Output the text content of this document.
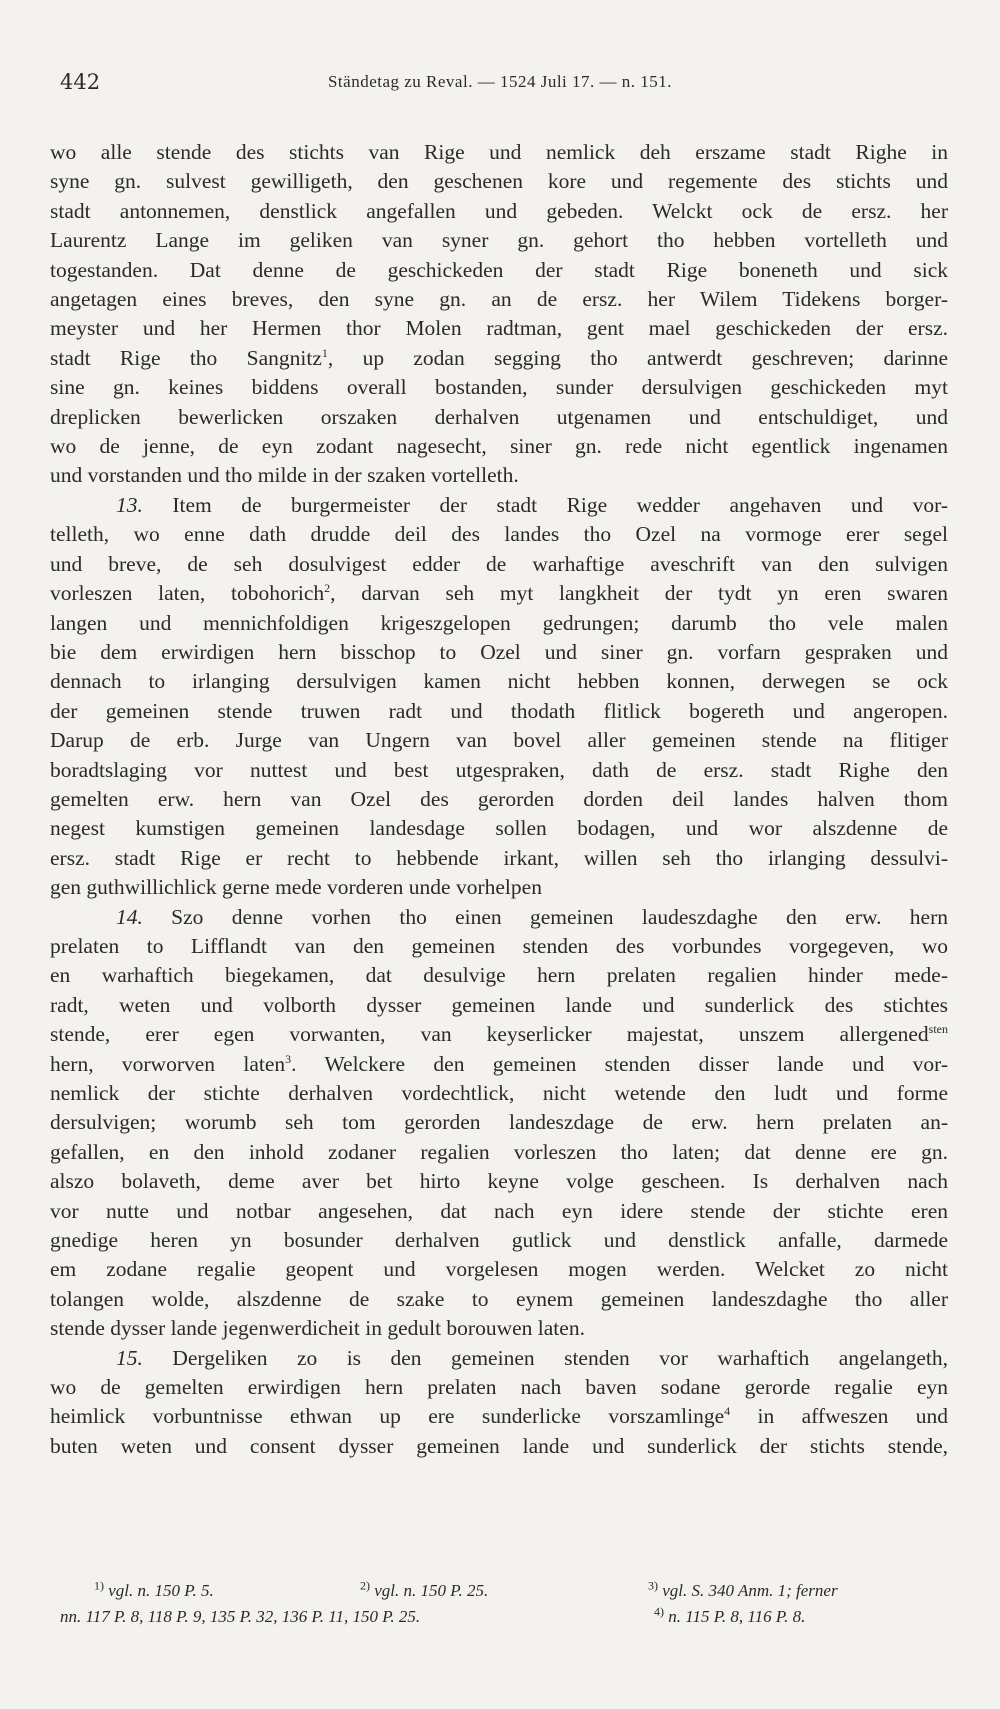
442	Ständetag zu Reval. — 1524 Juli 17. — n. 151.
wo alle stende des stichts van Rige und nemlick deh erszame stadt Righe in
syne gn. sulvest gewilligeth, den geschenen kore und regemente des stichts und
stadt antonnemen, denstlick angefallen und gebeden. Welckt ock de ersz. her
Laurentz Lange im geliken van syner gn. gehort tho hebben vortelleth und
togestanden. Dat denne de geschickeden der stadt Rige boneneth und sick
angetagen eines breves, den syne gn. an de ersz. her Wilem Tidekens borger-
meyster und her Hermen thor Molen radtman, gent mael geschickeden der ersz.
stadt Rige tho Sangnitz$^1$, up zodan segging tho antwerdt geschreven; darinne
sine gn. keines biddens overall bostanden, sunder dersulvigen geschickeden myt
dreplicken bewerlicken orszaken derhalven utgenamen und entschuldiget, und
wo de jenne, de eyn zodant nagesecht, siner gn. rede nicht egentlick ingenamen
und vorstanden und tho milde in der szaken vortelleth.
13. Item de burgermeister der stadt Rige wedder angehaven und vor-
telleth, wo enne dath drudde deil des landes tho Ozel na vormoge erer segel
und breve, de seh dosulvigest edder de warhaftige aveschrift van den sulvigen
vorleszen laten, tobohorich$^2$, darvan seh myt langkheit der tydt yn eren swaren
langen und mennichfoldigen krigeszgelopen gedrungen; darumb tho vele malen
bie dem erwirdigen hern bisschop to Ozel und siner gn. vorfarn gespraken und
dennach to irlanging dersulvigen kamen nicht hebben konnen, derwegen se ock
der gemeinen stende truwen radt und thodath flitlick bogereth und angeropen.
Darup de erb. Jurge van Ungern van bovel aller gemeinen stende na flitiger
boradtslaging vor nuttest und best utgespraken, dath de ersz. stadt Righe den
gemelten erw. hern van Ozel des gerorden dorden deil landes halven thom
negest kumstigen gemeinen landesdage sollen bodagen, und wor alszdenne de
ersz. stadt Rige er recht to hebbende irkant, willen seh tho irlanging dessulvi-
gen guthwillichlick gerne mede vorderen unde vorhelpen
14. Szo denne vorhen tho einen gemeinen laudeszdaghe den erw. hern
prelaten to Lifflandt van den gemeinen stenden des vorbundes vorgegeven, wo
en warhaftich biegekamen, dat desulvige hern prelaten regalien hinder mede-
radt, weten und volborth dysser gemeinen lande und sunderlick des stichtes
stende, erer egen vorwanten, van keyserlicker majestat, unszem allergened$^{sten}$
hern, vorworven laten$^3$. Welckere den gemeinen stenden disser lande und vor-
nemlick der stichte derhalven vordechtlick, nicht wetende den ludt und forme
dersulvigen; worumb seh tom gerorden landeszdage de erw. hern prelaten an-
gefallen, en den inhold zodaner regalien vorleszen tho laten; dat denne ere gn.
alszo bolaveth, deme aver bet hirto keyne volge gescheen. Is derhalven nach
vor nutte und notbar angesehen, dat nach eyn idere stende der stichte eren
gnedige heren yn bosunder derhalven gutlick und denstlick anfalle, darmede
em zodane regalie geopent und vorgelesen mogen werden. Welcket zo nicht
tolangen wolde, alszdenne de szake to eynem gemeinen landeszdaghe tho aller
stende dysser lande jegenwerdicheit in gedult borouwen laten.
15. Dergeliken zo is den gemeinen stenden vor warhaftich angelangeth,
wo de gemelten erwirdigen hern prelaten nach baven sodane gerorde regalie eyn
heimlick vorbuntnisse ethwan up ere sunderlicke vorszamlinge$^4$ in affweszen und
buten weten und consent dysser gemeinen lande und sunderlick der stichts stende,
$^{1)}$ vgl. n. 150 P. 5.	$^{2)}$ vgl. n. 150 P. 25.	$^{3)}$ vgl. S. 340 Anm. 1; ferner
nn. 117 P. 8, 118 P. 9, 135 P. 32, 136 P. 11, 150 P. 25.	$^{4)}$ n. 115 P. 8, 116 P. 8.
